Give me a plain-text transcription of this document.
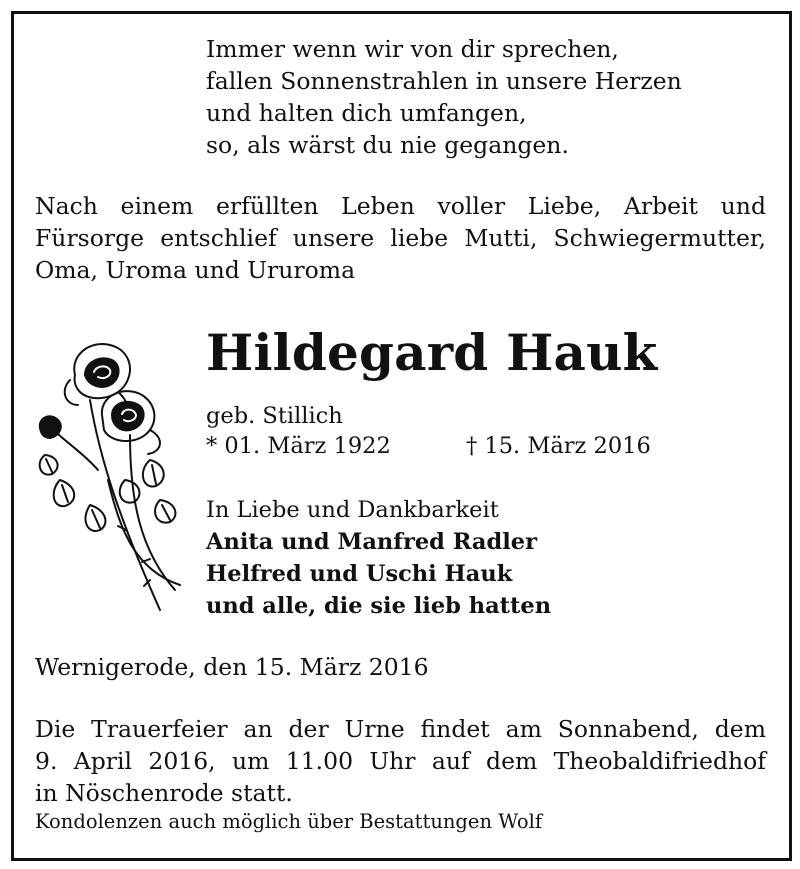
Immer wenn wir von dir sprechen,
fallen Sonnenstrahlen in unsere Herzen
und halten dich umfangen,
so, als wärst du nie gegangen.
Nach einem erfüllten Leben voller Liebe, Arbeit und
Fürsorge entschlief unsere liebe Mutti, Schwiegermutter,
Oma, Uroma und Ururoma
Hildegard Hauk
geb. Stillich
* 01. März 1922	† 15. März 2016
In Liebe und Dankbarkeit
Anita und Manfred Radler
Helfred und Uschi Hauk
und alle, die sie lieb hatten
Wernigerode, den 15. März 2016
Die Trauerfeier an der Urne findet am Sonnabend, dem
9. April 2016, um 11.00 Uhr auf dem Theobaldifriedhof
in Nöschenrode statt.
Kondolenzen auch möglich über Bestattungen Wolf
